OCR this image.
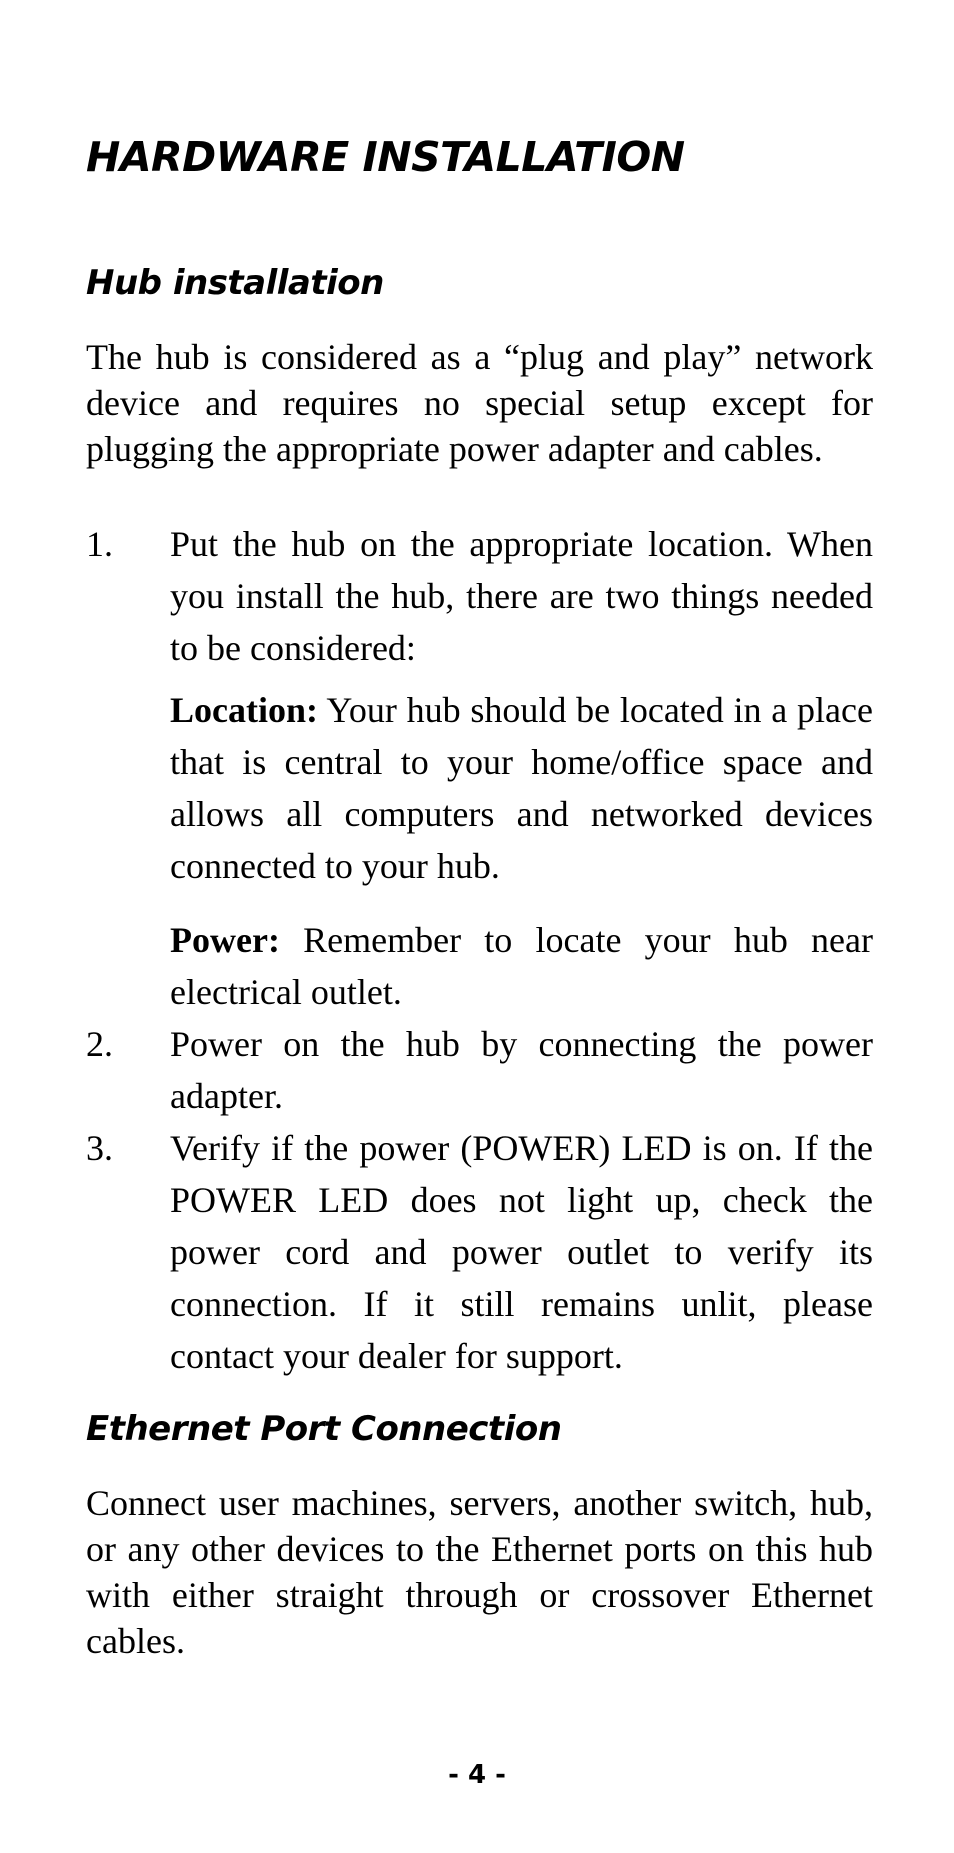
HARDWARE INSTALLATION
Hub installation
The hub is considered as a “plug and play” network device and requires no special setup except for plugging the appropriate power adapter and cables.
1. Put the hub on the appropriate location. When you install the hub, there are two things needed to be considered:
Location: Your hub should be located in a place that is central to your home/office space and allows all computers and networked devices connected to your hub.
Power: Remember to locate your hub near electrical outlet.
2. Power on the hub by connecting the power adapter.
3. Verify if the power (POWER) LED is on. If the POWER LED does not light up, check the power cord and power outlet to verify its connection. If it still remains unlit, please contact your dealer for support.
Ethernet Port Connection
Connect user machines, servers, another switch, hub, or any other devices to the Ethernet ports on this hub with either straight through or crossover Ethernet cables.
- 4 -
